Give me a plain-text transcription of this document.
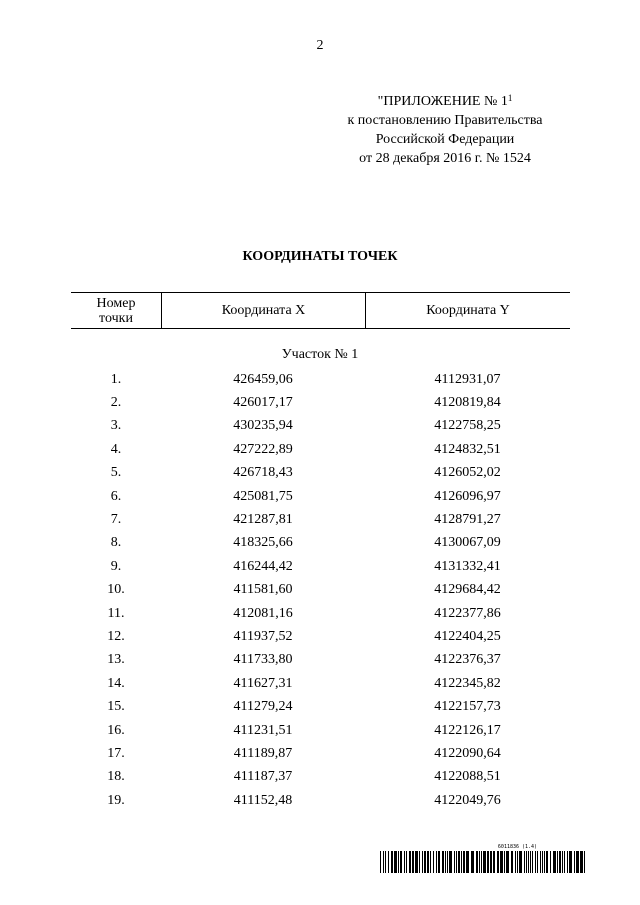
2
"ПРИЛОЖЕНИЕ № $1^1$
к постановлению Правительства
Российской Федерации
от 28 декабря 2016 г. № 1524
КООРДИНАТЫ ТОЧЕК
Номер
точки	Координата X	Координата Y
Участок № 1
1.	426459,06	4112931,07
2.	426017,17	4120819,84
3.	430235,94	4122758,25
4.	427222,89	4124832,51
5.	426718,43	4126052,02
6.	425081,75	4126096,97
7.	421287,81	4128791,27
8.	418325,66	4130067,09
9.	416244,42	4131332,41
10.	411581,60	4129684,42
11.	412081,16	4122377,86
12.	411937,52	4122404,25
13.	411733,80	4122376,37
14.	411627,31	4122345,82
15.	411279,24	4122157,73
16.	411231,51	4122126,17
17.	411189,87	4122090,64
18.	411187,37	4122088,51
19.	411152,48	4122049,76
6011836 (1.4)
